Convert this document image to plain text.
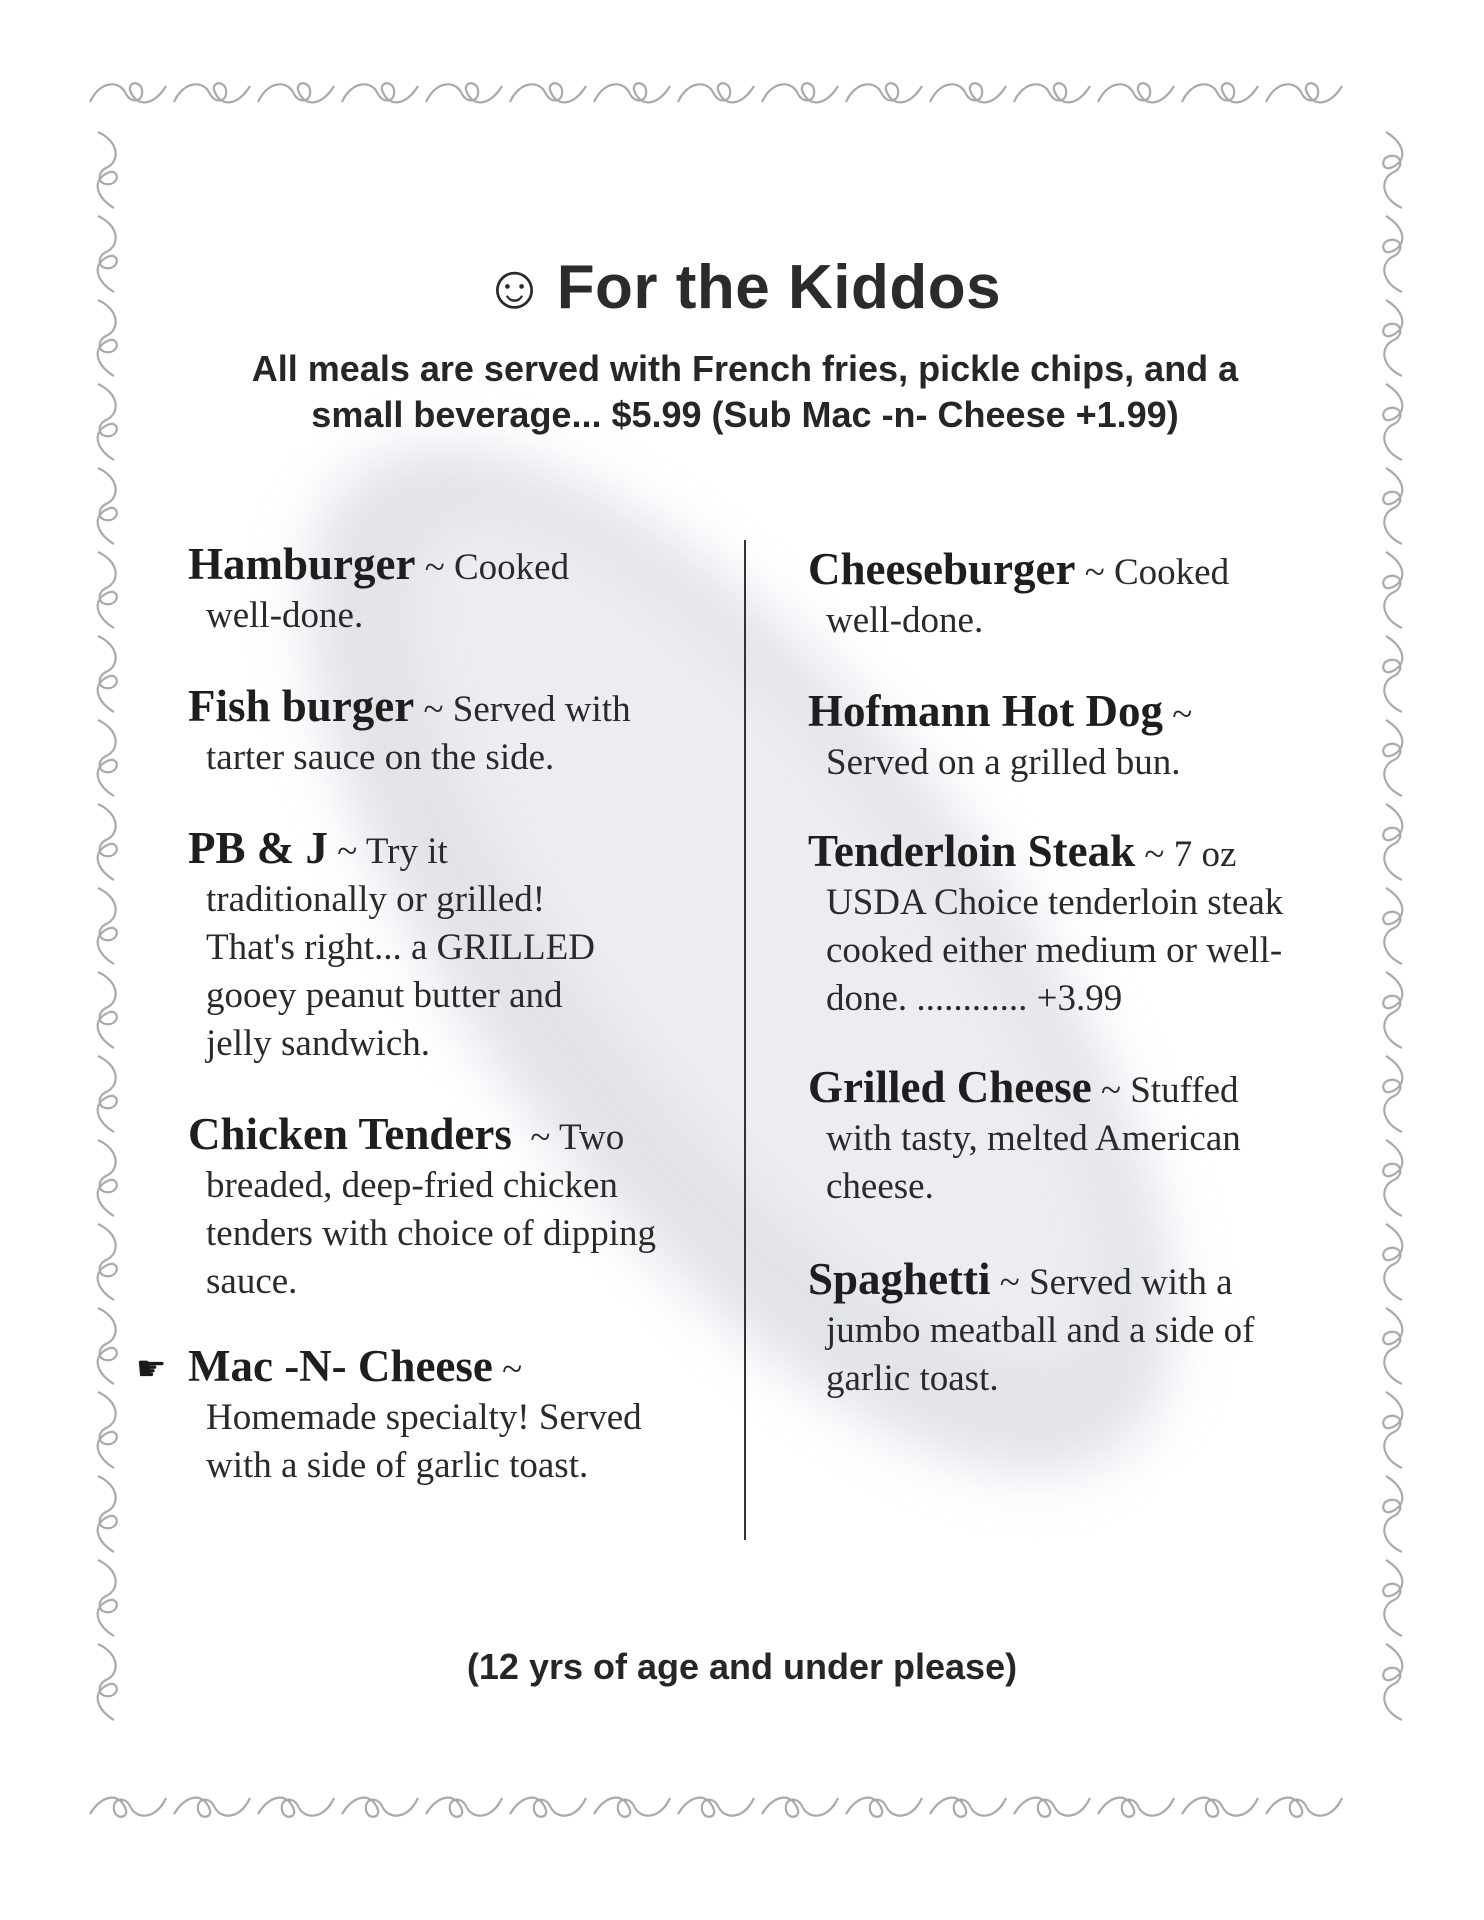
☺ For the Kiddos
All meals are served with French fries, pickle chips, and a
small beverage... $5.99 (Sub Mac -n- Cheese +1.99)
Hamburger ~ Cooked
well-done.
Fish burger ~ Served with
tarter sauce on the side.
PB & J ~ Try it
traditionally or grilled! That's right... a GRILLED gooey peanut butter and jelly sandwich.
Chicken Tenders  ~ Two
breaded, deep-fried chicken tenders with choice of dipping sauce.
☛ Mac -N- Cheese ~
Homemade specialty! Served with a side of garlic toast.
Cheeseburger ~ Cooked
well-done.
Hofmann Hot Dog ~
Served on a grilled bun.
Tenderloin Steak ~ 7 oz
USDA Choice tenderloin steak cooked either medium or well-done. ............ +3.99
Grilled Cheese ~ Stuffed
with tasty, melted American cheese.
Spaghetti ~ Served with a
jumbo meatball and a side of garlic toast.
(12 yrs of age and under please)
